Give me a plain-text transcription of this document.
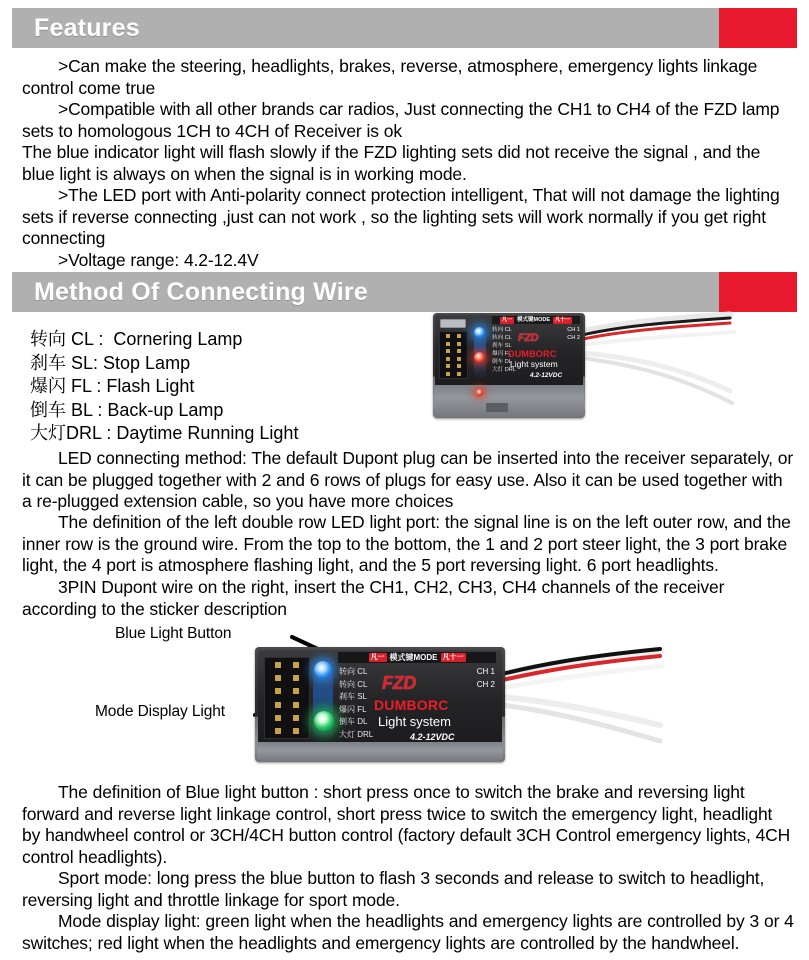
Features
>Can make the steering, headlights, brakes, reverse, atmosphere, emergency lights linkage control come true
>Compatible with all other brands car radios, Just connecting the CH1 to CH4 of the FZD lamp sets to homologous 1CH to 4CH of Receiver is ok
The blue indicator light will flash slowly if the FZD lighting sets did not receive the signal , and the blue light is always on when the signal is in working mode.
>The LED port with Anti-polarity connect protection intelligent, That will not damage the lighting sets if reverse connecting ,just can not work , so the lighting sets will work normally if you get right connecting
>Voltage range: 4.2-12.4V
Method Of Connecting Wire
转向 CL :  Cornering Lamp
刹车 SL: Stop Lamp
爆闪 FL : Flash Light
倒车 BL : Back-up Lamp
大灯DRL : Daytime Running Light
凡一 模式键MODE	凡十一
转向 CL
转向 CL
刹车 SL
爆闪 FL
倒车 DL
大灯 DRL
CH 1
CH 2
FZD
DUMBORC
Light system
4.2-12VDC
LED connecting method: The default Dupont plug can be inserted into the receiver separately, or it can be plugged together with 2 and 6 rows of plugs for easy use. Also it can be used together with a re-plugged extension cable, so you have more choices
The definition of the left double row LED light port: the signal line is on the left outer row, and the inner row is the ground wire. From the top to the bottom, the 1 and 2 port steer light, the 3 port brake light, the 4 port is atmosphere flashing light, and the 5 port reversing light. 6 port headlights.
3PIN Dupont wire on the right, insert the CH1, CH2, CH3, CH4 channels of the receiver according to the sticker description
Blue Light Button
Mode Display Light
凡一 模式键MODE 凡十一
转向 CL
转向 CL
刹车 SL
爆闪 FL
倒车 DL
大灯 DRL
CH 1
CH 2
FZD
DUMBORC
Light system
4.2-12VDC
The definition of Blue light button : short press once to switch the brake and reversing light forward and reverse light linkage control, short press twice to switch the emergency light, headlight by handwheel control or 3CH/4CH button control (factory default 3CH Control emergency lights, 4CH control headlights).
Sport mode: long press the blue button to flash 3 seconds and release to switch to headlight, reversing light and throttle linkage for sport mode.
Mode display light: green light when the headlights and emergency lights are controlled by 3 or 4 switches; red light when the headlights and emergency lights are controlled by the handwheel.
